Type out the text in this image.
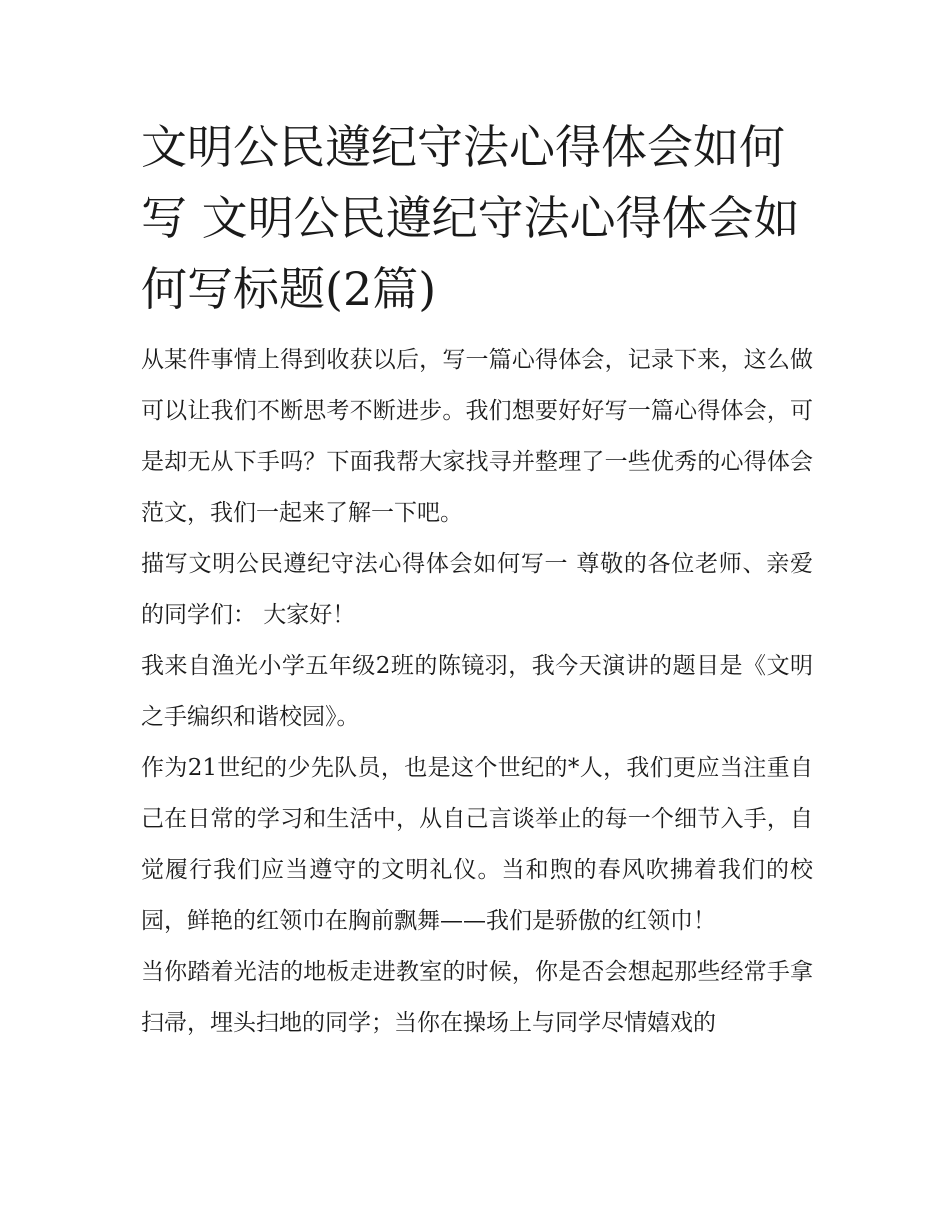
文明公民遵纪守法心得体会如何写 文明公民遵纪守法心得体会如何写标题(2篇)

从某件事情上得到收获以后，写一篇心得体会，记录下来，这么做可以让我们不断思考不断进步。我们想要好好写一篇心得体会，可是却无从下手吗？下面我帮大家找寻并整理了一些优秀的心得体会范文，我们一起来了解一下吧。

描写文明公民遵纪守法心得体会如何写一 尊敬的各位老师、亲爱的同学们： 大家好！

我来自渔光小学五年级2班的陈镜羽，我今天演讲的题目是《文明之手编织和谐校园》。

作为21世纪的少先队员，也是这个世纪的*人，我们更应当注重自己在日常的学习和生活中，从自己言谈举止的每一个细节入手，自觉履行我们应当遵守的文明礼仪。当和煦的春风吹拂着我们的校园，鲜艳的红领巾在胸前飘舞——我们是骄傲的红领巾！

当你踏着光洁的地板走进教室的时候，你是否会想起那些经常手拿扫帚，埋头扫地的同学；当你在操场上与同学尽情嬉戏的
